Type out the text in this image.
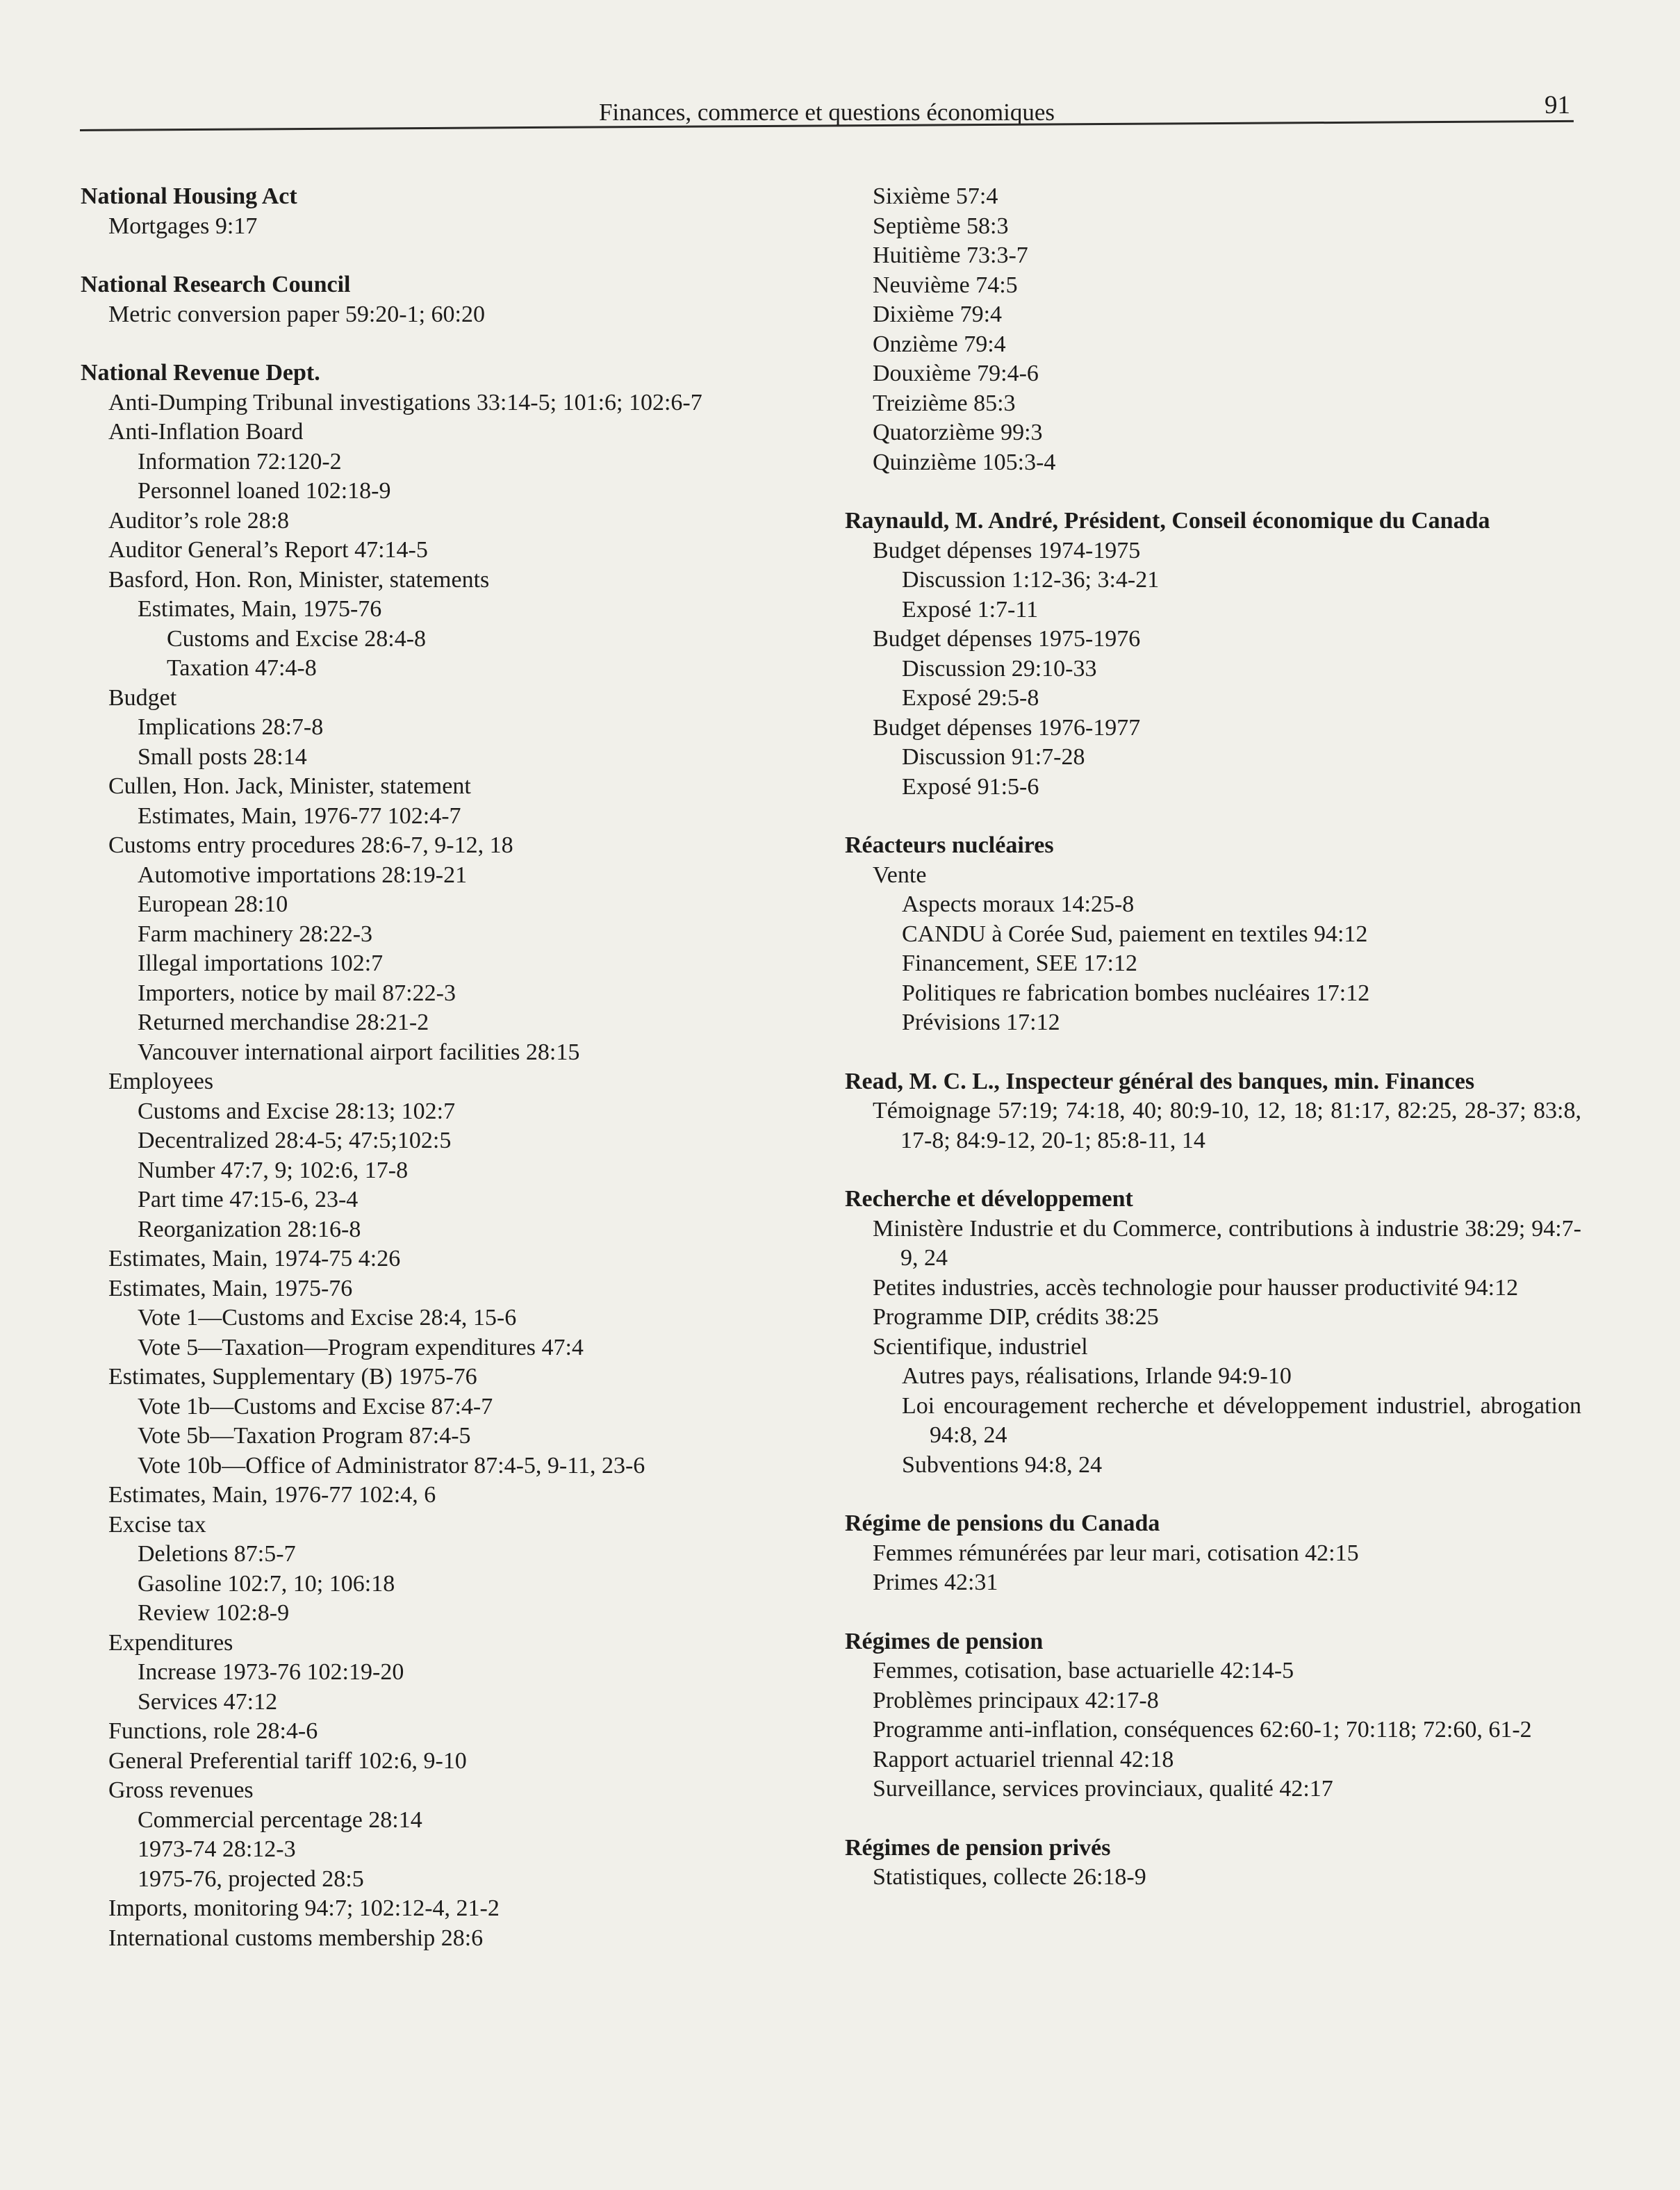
Finances, commerce et questions économiques	91
National Housing Act
Mortgages 9:17
National Research Council
Metric conversion paper 59:20-1; 60:20
National Revenue Dept.
Anti-Dumping Tribunal investigations 33:14-5; 101:6; 102:6-7
Anti-Inflation Board
Information 72:120-2
Personnel loaned 102:18-9
Auditor’s role 28:8
Auditor General’s Report 47:14-5
Basford, Hon. Ron, Minister, statements
Estimates, Main, 1975-76
Customs and Excise 28:4-8
Taxation 47:4-8
Budget
Implications 28:7-8
Small posts 28:14
Cullen, Hon. Jack, Minister, statement
Estimates, Main, 1976-77 102:4-7
Customs entry procedures 28:6-7, 9-12, 18
Automotive importations 28:19-21
European 28:10
Farm machinery 28:22-3
Illegal importations 102:7
Importers, notice by mail 87:22-3
Returned merchandise 28:21-2
Vancouver international airport facilities 28:15
Employees
Customs and Excise 28:13; 102:7
Decentralized 28:4-5; 47:5;102:5
Number 47:7, 9; 102:6, 17-8
Part time 47:15-6, 23-4
Reorganization 28:16-8
Estimates, Main, 1974-75 4:26
Estimates, Main, 1975-76
Vote 1—Customs and Excise 28:4, 15-6
Vote 5—Taxation—Program expenditures 47:4
Estimates, Supplementary (B) 1975-76
Vote 1b—Customs and Excise 87:4-7
Vote 5b—Taxation Program 87:4-5
Vote 10b—Office of Administrator 87:4-5, 9-11, 23-6
Estimates, Main, 1976-77 102:4, 6
Excise tax
Deletions 87:5-7
Gasoline 102:7, 10; 106:18
Review 102:8-9
Expenditures
Increase 1973-76 102:19-20
Services 47:12
Functions, role 28:4-6
General Preferential tariff 102:6, 9-10
Gross revenues
Commercial percentage 28:14
1973-74 28:12-3
1975-76, projected 28:5
Imports, monitoring 94:7; 102:12-4, 21-2
International customs membership 28:6
Sixième 57:4
Septième 58:3
Huitième 73:3-7
Neuvième 74:5
Dixième 79:4
Onzième 79:4
Douxième 79:4-6
Treizième 85:3
Quatorzième 99:3
Quinzième 105:3-4
Raynauld, M. André, Président, Conseil économique du Canada
Budget dépenses 1974-1975
Discussion 1:12-36; 3:4-21
Exposé 1:7-11
Budget dépenses 1975-1976
Discussion 29:10-33
Exposé 29:5-8
Budget dépenses 1976-1977
Discussion 91:7-28
Exposé 91:5-6
Réacteurs nucléaires
Vente
Aspects moraux 14:25-8
CANDU à Corée Sud, paiement en textiles 94:12
Financement, SEE 17:12
Politiques re fabrication bombes nucléaires 17:12
Prévisions 17:12
Read, M. C. L., Inspecteur général des banques, min. Finances
Témoignage 57:19; 74:18, 40; 80:9-10, 12, 18; 81:17, 82:25, 28-37; 83:8, 17-8; 84:9-12, 20-1; 85:8-11, 14
Recherche et développement
Ministère Industrie et du Commerce, contributions à industrie 38:29; 94:7-9, 24
Petites industries, accès technologie pour hausser productivité 94:12
Programme DIP, crédits 38:25
Scientifique, industriel
Autres pays, réalisations, Irlande 94:9-10
Loi encouragement recherche et développement industriel, abrogation 94:8, 24
Subventions 94:8, 24
Régime de pensions du Canada
Femmes rémunérées par leur mari, cotisation 42:15
Primes 42:31
Régimes de pension
Femmes, cotisation, base actuarielle 42:14-5
Problèmes principaux 42:17-8
Programme anti-inflation, conséquences 62:60-1; 70:118; 72:60, 61-2
Rapport actuariel triennal 42:18
Surveillance, services provinciaux, qualité 42:17
Régimes de pension privés
Statistiques, collecte 26:18-9
